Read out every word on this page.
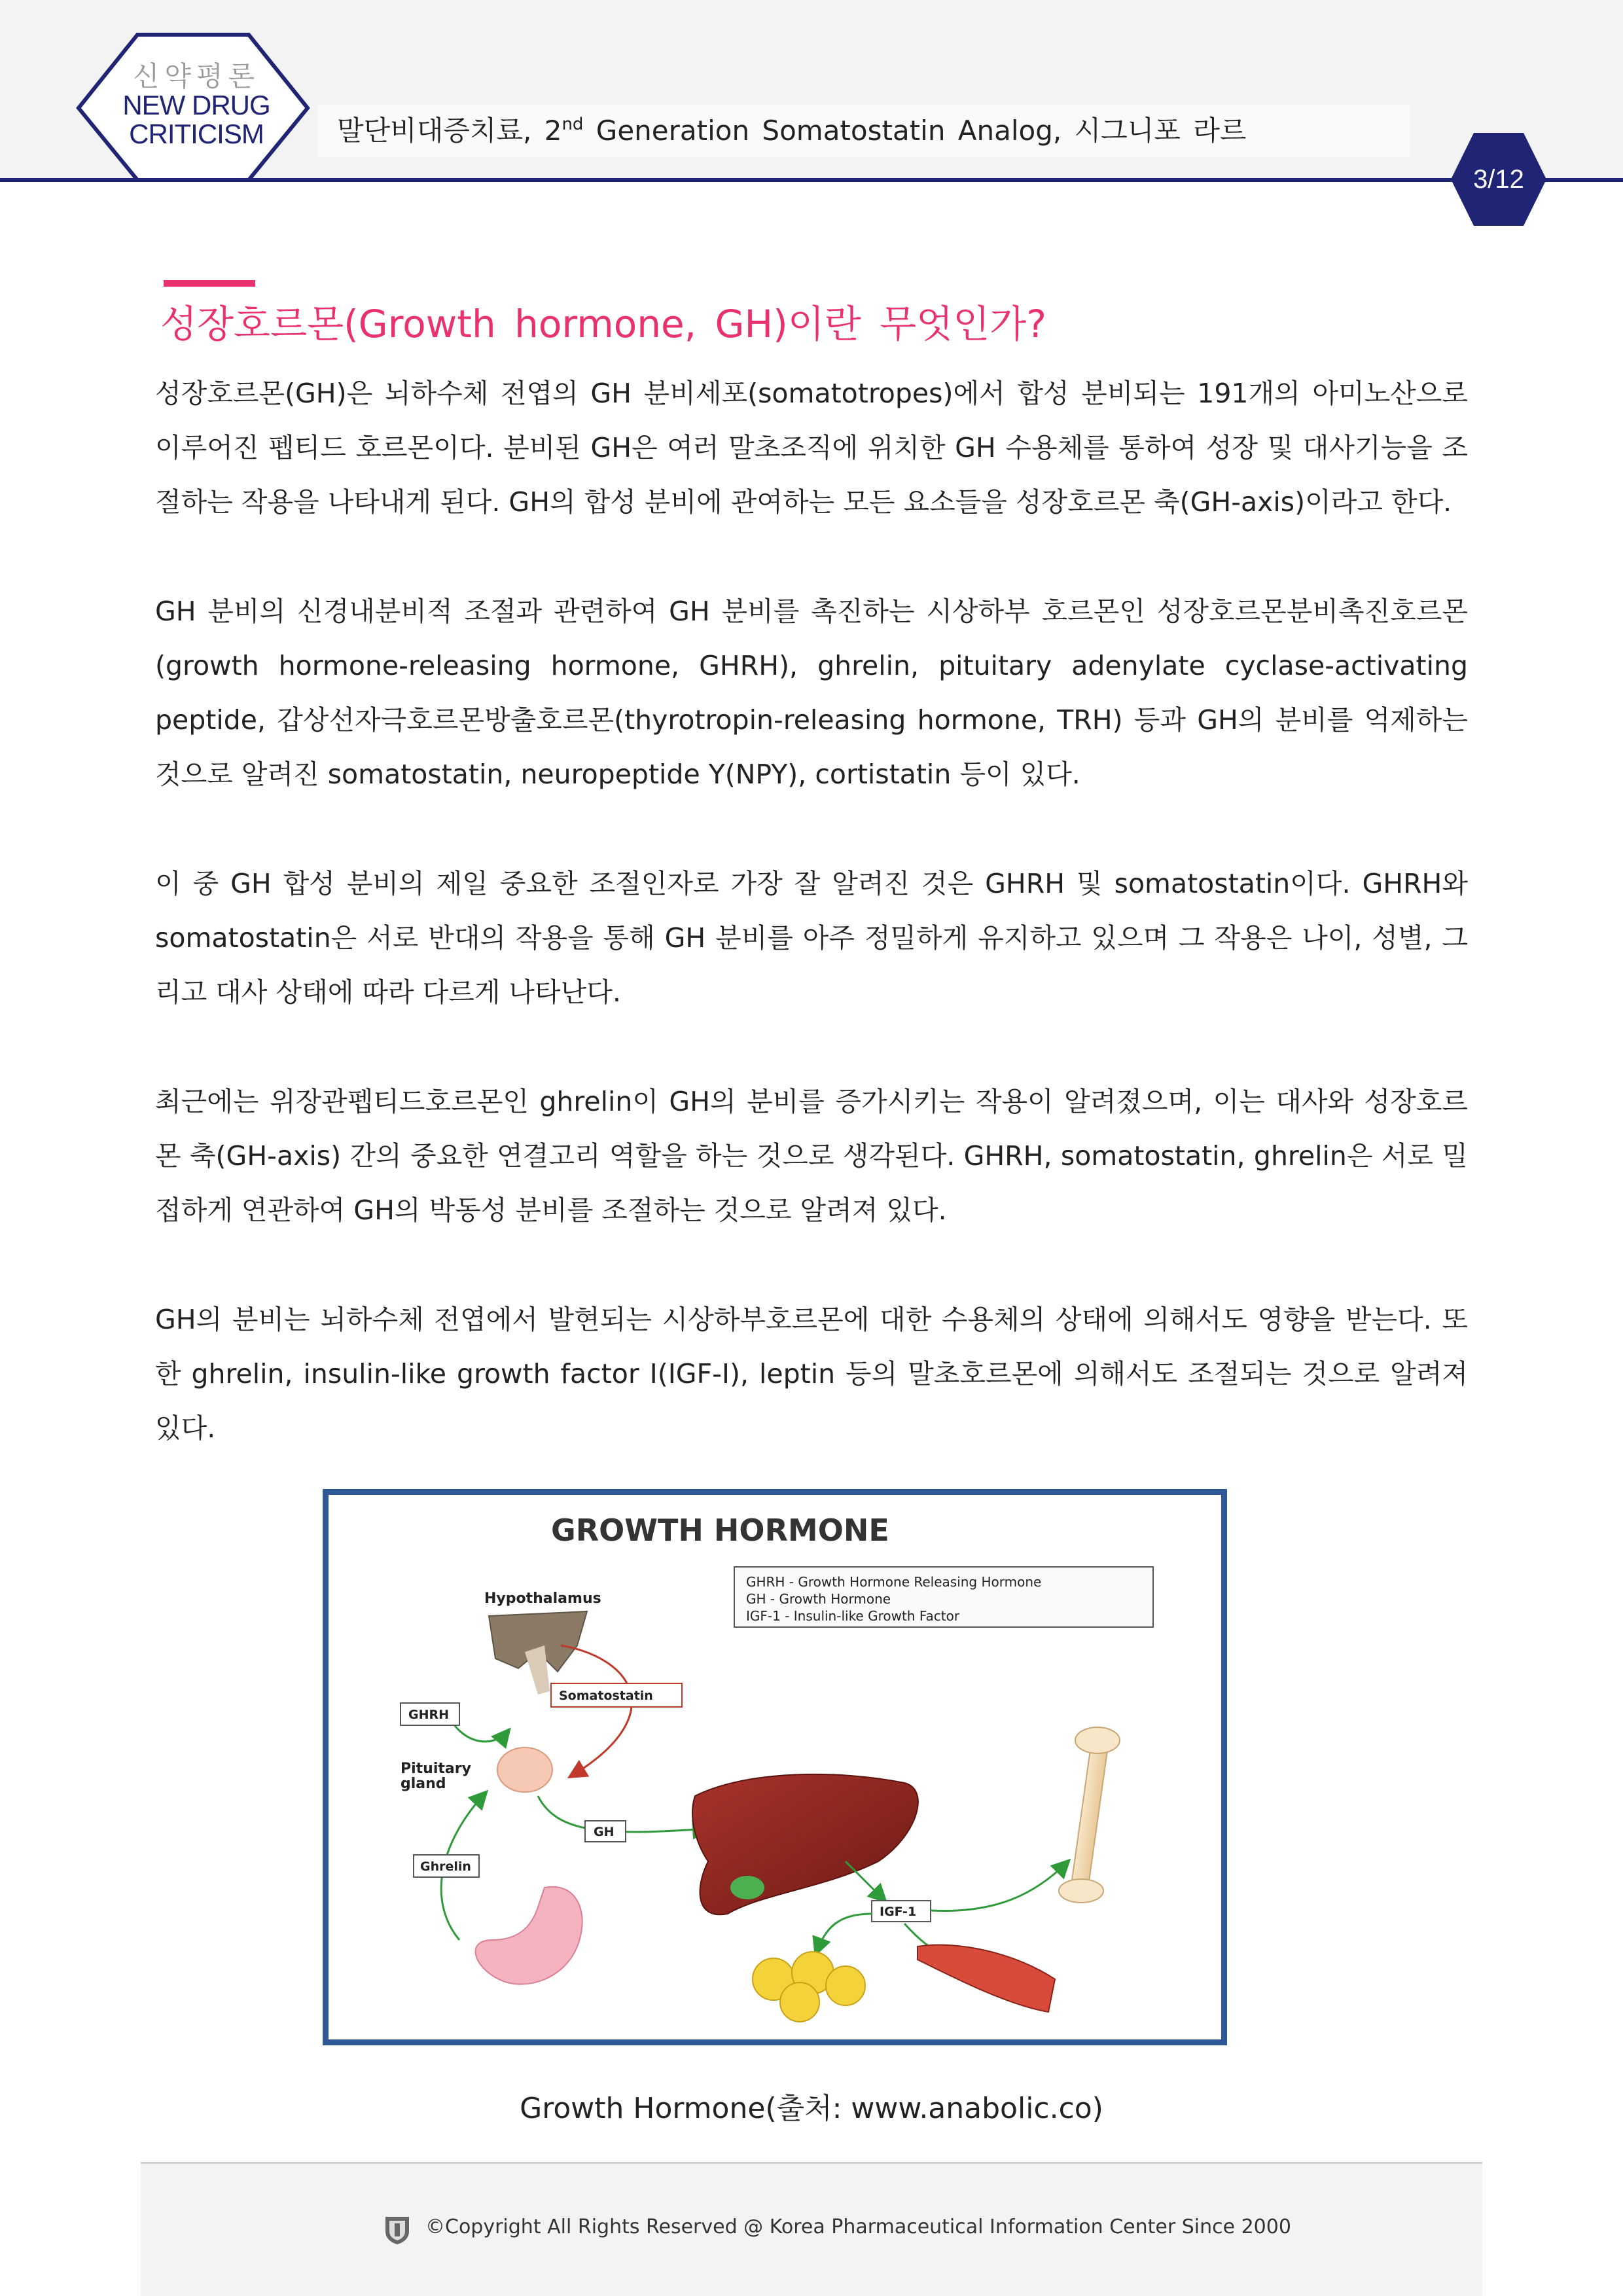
신약평론
NEW DRUG
CRITICISM	말단비대증치료, 2nd Generation Somatostatin Analog, 시그니포 라르
3/12
성장호르몬(Growth hormone, GH)이란 무엇인가?

성장호르몬(GH)은 뇌하수체 전엽의 GH 분비세포(somatotropes)에서 합성 분비되는 191개의 아미노산으로 이루어진 펩티드 호르몬이다. 분비된 GH은 여러 말초조직에 위치한 GH 수용체를 통하여 성장 및 대사기능을 조절하는 작용을 나타내게 된다. GH의 합성 분비에 관여하는 모든 요소들을 성장호르몬 축(GH-axis)이라고 한다.

GH 분비의 신경내분비적 조절과 관련하여 GH 분비를 촉진하는 시상하부 호르몬인 성장호르몬분비촉진호르몬(growth hormone-releasing hormone, GHRH), ghrelin, pituitary adenylate cyclase-activating peptide, 갑상선자극호르몬방출호르몬(thyrotropin-releasing hormone, TRH) 등과 GH의 분비를 억제하는 것으로 알려진 somatostatin, neuropeptide Y(NPY), cortistatin 등이 있다.

이 중 GH 합성 분비의 제일 중요한 조절인자로 가장 잘 알려진 것은 GHRH 및 somatostatin이다. GHRH와 somatostatin은 서로 반대의 작용을 통해 GH 분비를 아주 정밀하게 유지하고 있으며 그 작용은 나이, 성별, 그리고 대사 상태에 따라 다르게 나타난다.

최근에는 위장관펩티드호르몬인 ghrelin이 GH의 분비를 증가시키는 작용이 알려졌으며, 이는 대사와 성장호르몬 축(GH-axis) 간의 중요한 연결고리 역할을 하는 것으로 생각된다. GHRH, somatostatin, ghrelin은 서로 밀접하게 연관하여 GH의 박동성 분비를 조절하는 것으로 알려져 있다.

GH의 분비는 뇌하수체 전엽에서 발현되는 시상하부호르몬에 대한 수용체의 상태에 의해서도 영향을 받는다. 또한 ghrelin, insulin-like growth factor I(IGF-I), leptin 등의 말초호르몬에 의해서도 조절되는 것으로 알려져 있다.

GROWTH HORMONE
GHRH - Growth Hormone Releasing Hormone
GH - Growth Hormone
IGF-1 - Insulin-like Growth Factor
Hypothalamus
Somatostatin
GHRH
Pituitary
gland
GH
Ghrelin
IGF-1
Growth Hormone(출처: www.anabolic.co)
©Copyright All Rights Reserved @ Korea Pharmaceutical Information Center Since 2000
